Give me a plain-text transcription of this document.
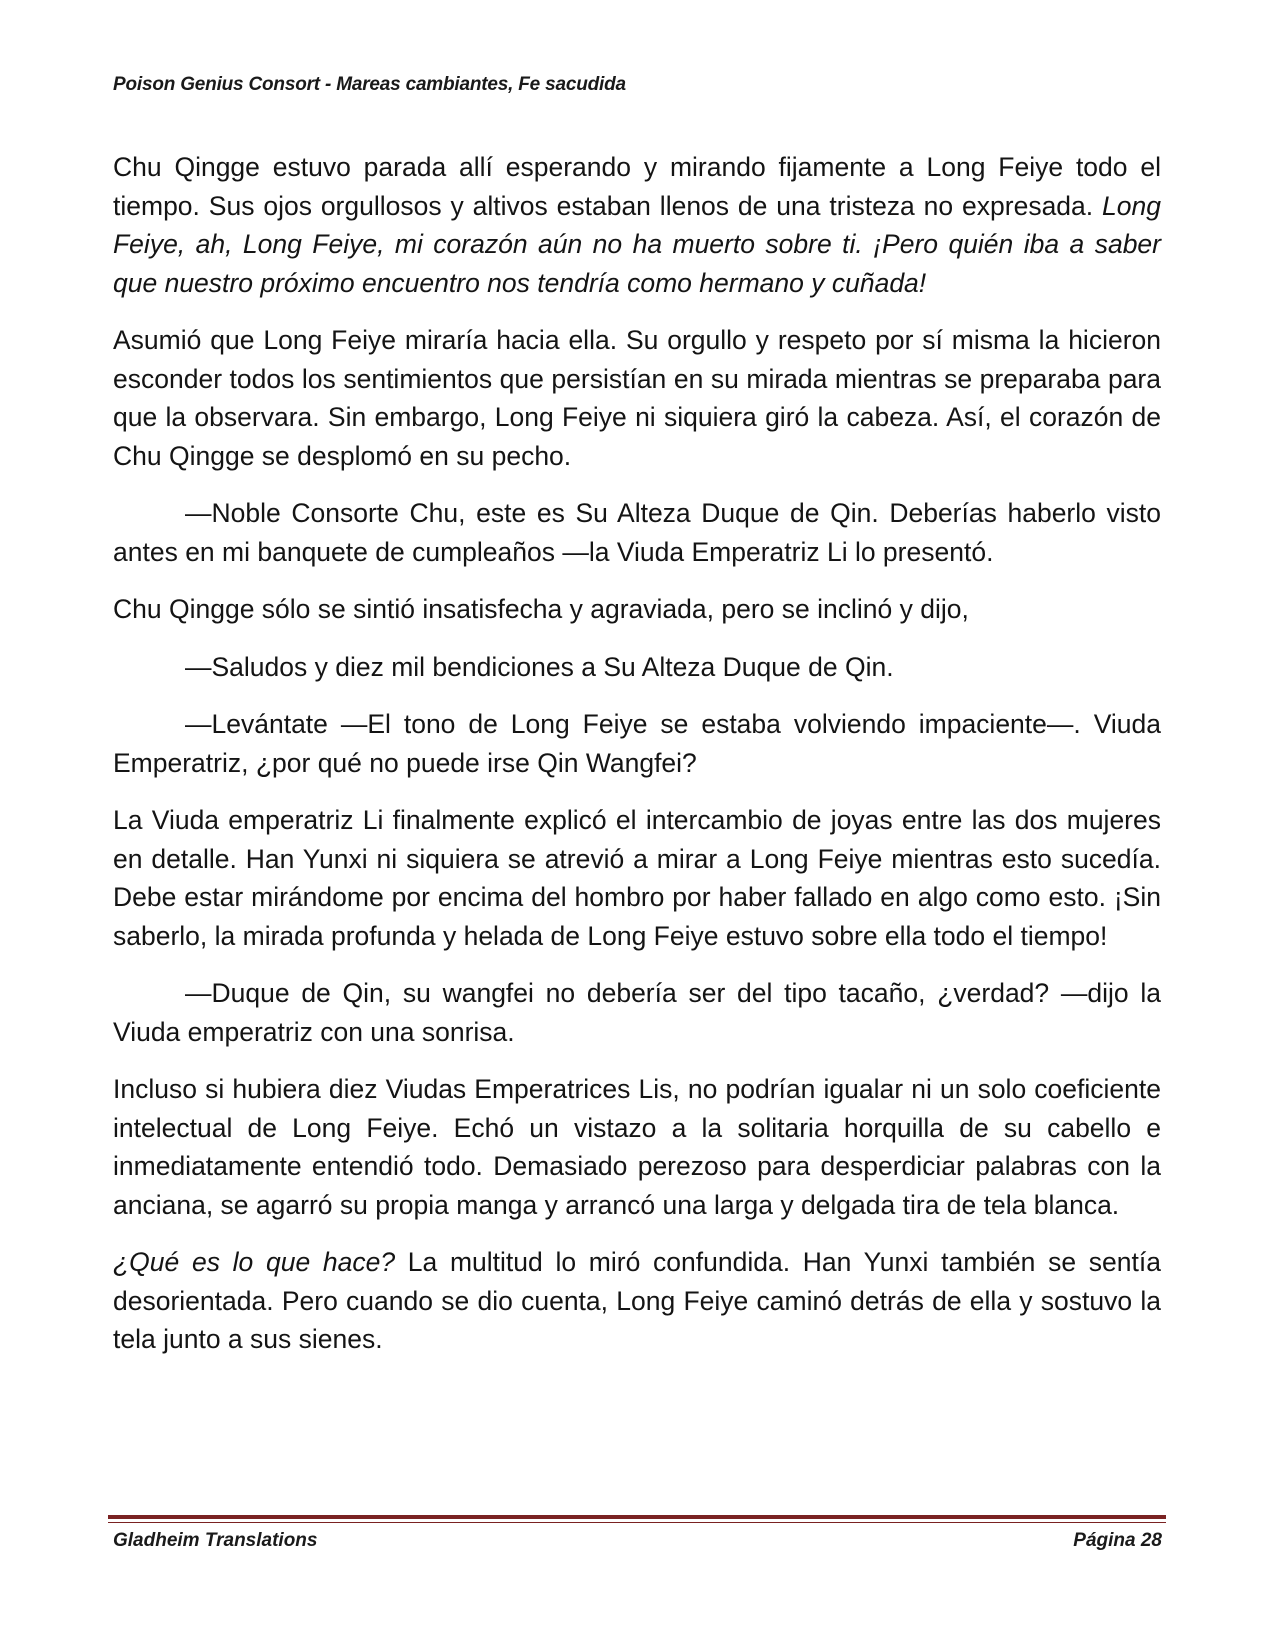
Poison Genius Consort - Mareas cambiantes, Fe sacudida

Chu Qingge estuvo parada allí esperando y mirando fijamente a Long Feiye todo el tiempo. Sus ojos orgullosos y altivos estaban llenos de una tristeza no expresada. Long Feiye, ah, Long Feiye, mi corazón aún no ha muerto sobre ti. ¡Pero quién iba a saber que nuestro próximo encuentro nos tendría como hermano y cuñada!

Asumió que Long Feiye miraría hacia ella. Su orgullo y respeto por sí misma la hicieron esconder todos los sentimientos que persistían en su mirada mientras se preparaba para que la observara. Sin embargo, Long Feiye ni siquiera giró la cabeza. Así, el corazón de Chu Qingge se desplomó en su pecho.

—Noble Consorte Chu, este es Su Alteza Duque de Qin. Deberías haberlo visto antes en mi banquete de cumpleaños —la Viuda Emperatriz Li lo presentó.

Chu Qingge sólo se sintió insatisfecha y agraviada, pero se inclinó y dijo,

—Saludos y diez mil bendiciones a Su Alteza Duque de Qin.

—Levántate —El tono de Long Feiye se estaba volviendo impaciente—. Viuda Emperatriz, ¿por qué no puede irse Qin Wangfei?

La Viuda emperatriz Li finalmente explicó el intercambio de joyas entre las dos mujeres en detalle. Han Yunxi ni siquiera se atrevió a mirar a Long Feiye mientras esto sucedía. Debe estar mirándome por encima del hombro por haber fallado en algo como esto. ¡Sin saberlo, la mirada profunda y helada de Long Feiye estuvo sobre ella todo el tiempo!

—Duque de Qin, su wangfei no debería ser del tipo tacaño, ¿verdad? —dijo la Viuda emperatriz con una sonrisa.

Incluso si hubiera diez Viudas Emperatrices Lis, no podrían igualar ni un solo coeficiente intelectual de Long Feiye. Echó un vistazo a la solitaria horquilla de su cabello e inmediatamente entendió todo. Demasiado perezoso para desperdiciar palabras con la anciana, se agarró su propia manga y arrancó una larga y delgada tira de tela blanca.

¿Qué es lo que hace? La multitud lo miró confundida. Han Yunxi también se sentía desorientada. Pero cuando se dio cuenta, Long Feiye caminó detrás de ella y sostuvo la tela junto a sus sienes.

Gladheim Translations	Página 28
